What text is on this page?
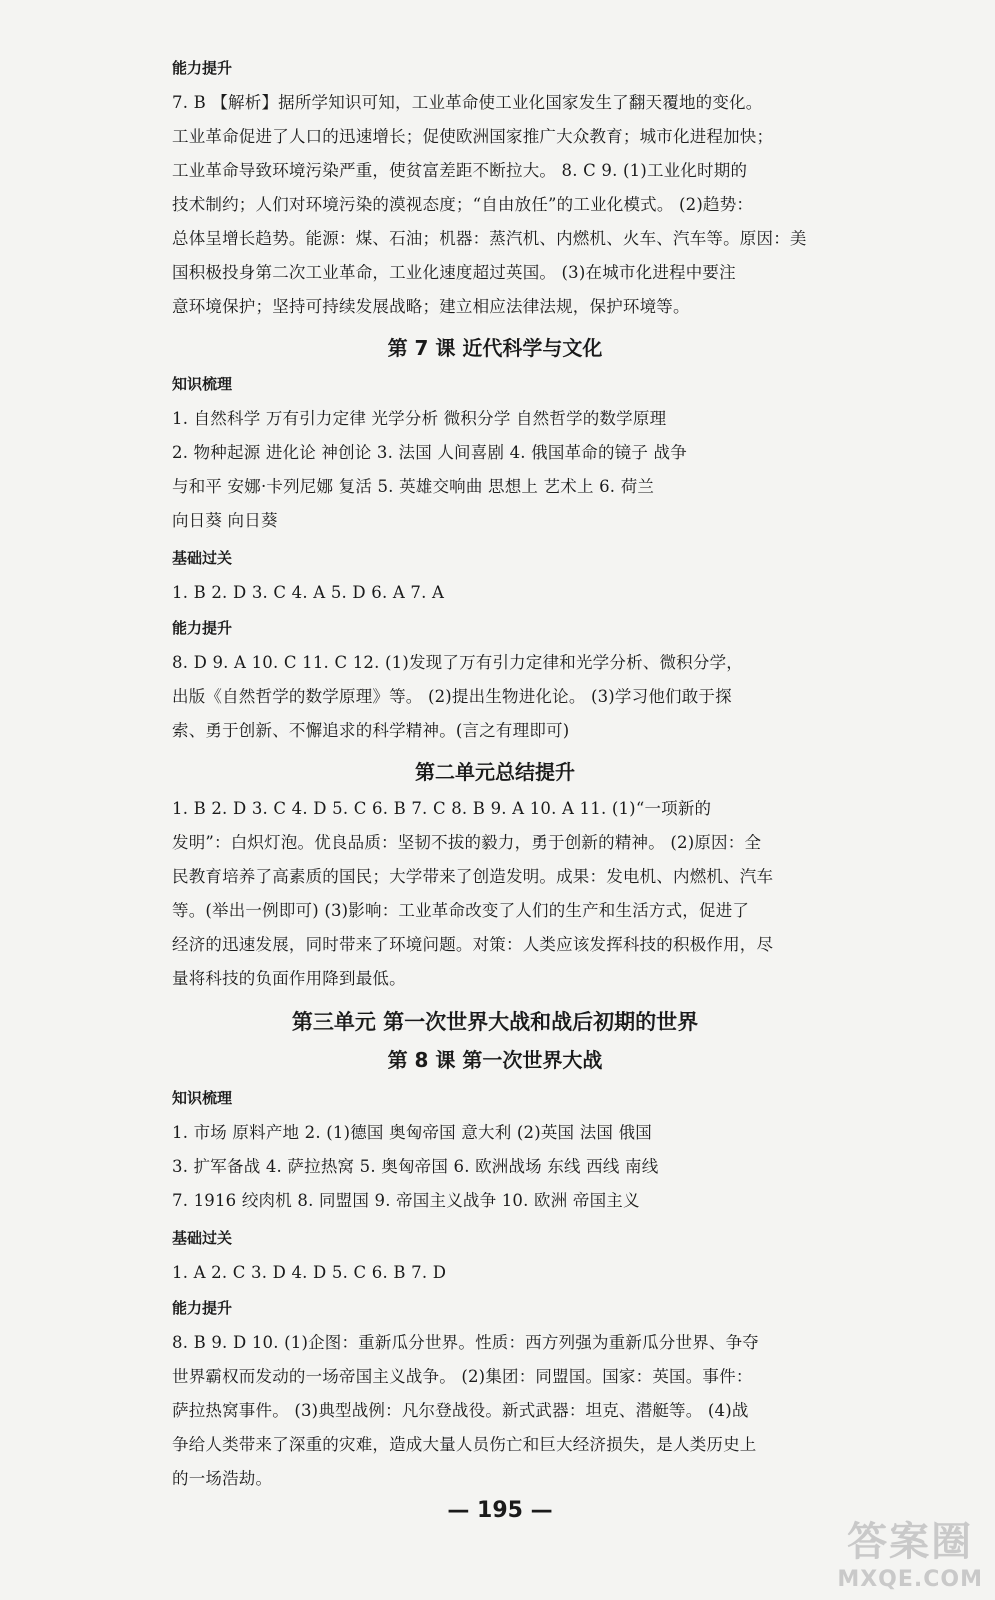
能力提升
7. B 【解析】据所学知识可知，工业革命使工业化国家发生了翻天覆地的变化。
工业革命促进了人口的迅速增长；促使欧洲国家推广大众教育；城市化进程加快；
工业革命导致环境污染严重，使贫富差距不断拉大。 8. C 9. (1)工业化时期的
技术制约；人们对环境污染的漠视态度；“自由放任”的工业化模式。 (2)趋势：
总体呈增长趋势。能源：煤、石油；机器：蒸汽机、内燃机、火车、汽车等。原因：美
国积极投身第二次工业革命，工业化速度超过英国。 (3)在城市化进程中要注
意环境保护；坚持可持续发展战略；建立相应法律法规，保护环境等。
第 7 课 近代科学与文化
知识梳理
1. 自然科学 万有引力定律 光学分析 微积分学 自然哲学的数学原理
2. 物种起源 进化论 神创论 3. 法国 人间喜剧 4. 俄国革命的镜子 战争
与和平 安娜·卡列尼娜 复活 5. 英雄交响曲 思想上 艺术上 6. 荷兰
向日葵 向日葵
基础过关
1. B 2. D 3. C 4. A 5. D 6. A 7. A
能力提升
8. D 9. A 10. C 11. C 12. (1)发现了万有引力定律和光学分析、微积分学，
出版《自然哲学的数学原理》等。 (2)提出生物进化论。 (3)学习他们敢于探
索、勇于创新、不懈追求的科学精神。(言之有理即可)
第二单元总结提升
1. B 2. D 3. C 4. D 5. C 6. B 7. C 8. B 9. A 10. A 11. (1)“一项新的
发明”：白炽灯泡。优良品质：坚韧不拔的毅力，勇于创新的精神。 (2)原因：全
民教育培养了高素质的国民；大学带来了创造发明。成果：发电机、内燃机、汽车
等。(举出一例即可) (3)影响：工业革命改变了人们的生产和生活方式，促进了
经济的迅速发展，同时带来了环境问题。对策：人类应该发挥科技的积极作用，尽
量将科技的负面作用降到最低。
第三单元 第一次世界大战和战后初期的世界
第 8 课 第一次世界大战
知识梳理
1. 市场 原料产地 2. (1)德国 奥匈帝国 意大利 (2)英国 法国 俄国
3. 扩军备战 4. 萨拉热窝 5. 奥匈帝国 6. 欧洲战场 东线 西线 南线
7. 1916 绞肉机 8. 同盟国 9. 帝国主义战争 10. 欧洲 帝国主义
基础过关
1. A 2. C 3. D 4. D 5. C 6. B 7. D
能力提升
8. B 9. D 10. (1)企图：重新瓜分世界。性质：西方列强为重新瓜分世界、争夺
世界霸权而发动的一场帝国主义战争。 (2)集团：同盟国。国家：英国。事件：
萨拉热窝事件。 (3)典型战例：凡尔登战役。新式武器：坦克、潜艇等。 (4)战
争给人类带来了深重的灾难，造成大量人员伤亡和巨大经济损失，是人类历史上
的一场浩劫。
— 195 —
答案圈
MXQE.COM
